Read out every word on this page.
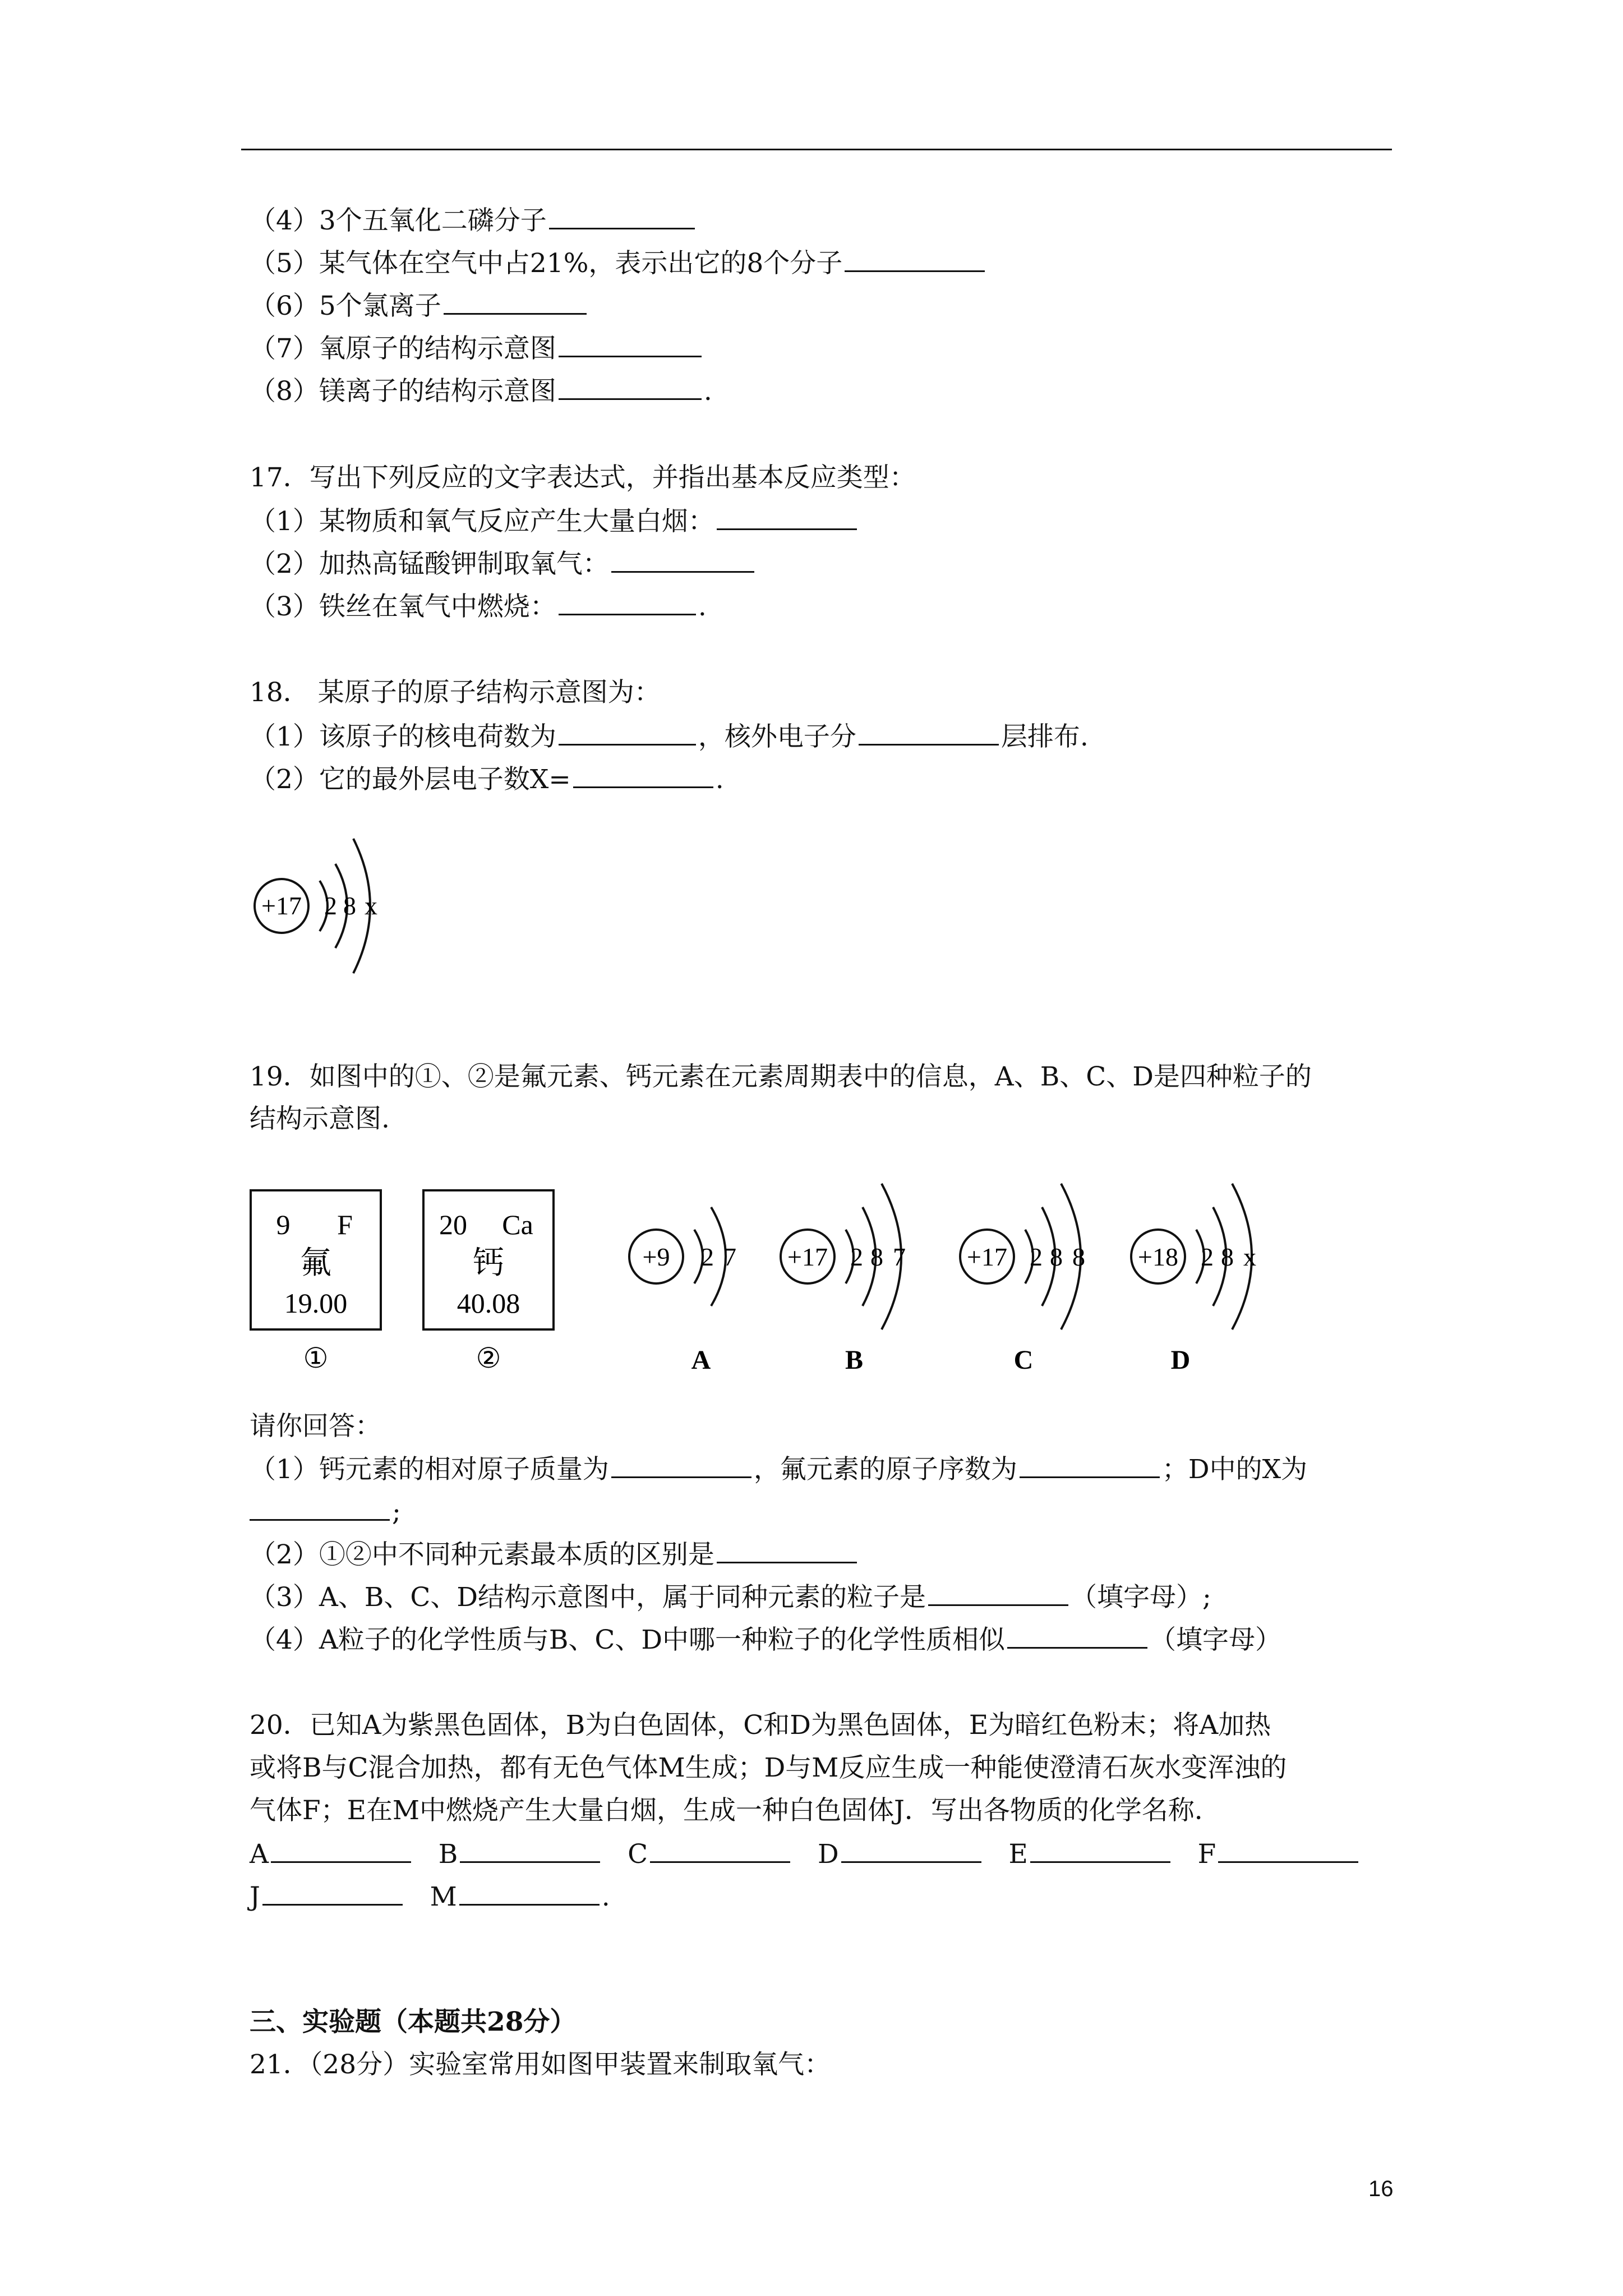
（4）3个五氧化二磷分子
（5）某气体在空气中占21%，表示出它的8个分子
（6）5个氯离子
（7）氧原子的结构示意图
（8）镁离子的结构示意图	.
17．写出下列反应的文字表达式，并指出基本反应类型：
（1）某物质和氧气反应产生大量白烟：
（2）加热高锰酸钾制取氧气：
（3）铁丝在氧气中燃烧：	.
18． 某原子的原子结构示意图为：
（1）该原子的核电荷数为	，核外电子分	层排布.
（2）它的最外层电子数X=	.
+17 2 8 x
19．如图中的①、②是氟元素、钙元素在元素周期表中的信息，A、B、C、D是四种粒子的
结构示意图.
9 F
氟
19.00
①
20 Ca
钙
40.08
②
+9 2 7
A
+17 2 8 7
B
+17 2 8 8
C
+18 2 8 x
D
请你回答：
（1）钙元素的相对原子质量为	，氟元素的原子序数为	；D中的X为
;
（2）①②中不同种元素最本质的区别是
（3）A、B、C、D结构示意图中，属于同种元素的粒子是	（填字母）;
（4）A粒子的化学性质与B、C、D中哪一种粒子的化学性质相似	（填字母）
20．已知A为紫黑色固体，B为白色固体，C和D为黑色固体，E为暗红色粉末；将A加热
或将B与C混合加热，都有无色气体M生成；D与M反应生成一种能使澄清石灰水变浑浊的
气体F；E在M中燃烧产生大量白烟，生成一种白色固体J．写出各物质的化学名称．
A	B	C	D	E	F
J	M	.
三、实验题（本题共28分）
21．（28分）实验室常用如图甲装置来制取氧气：
16
